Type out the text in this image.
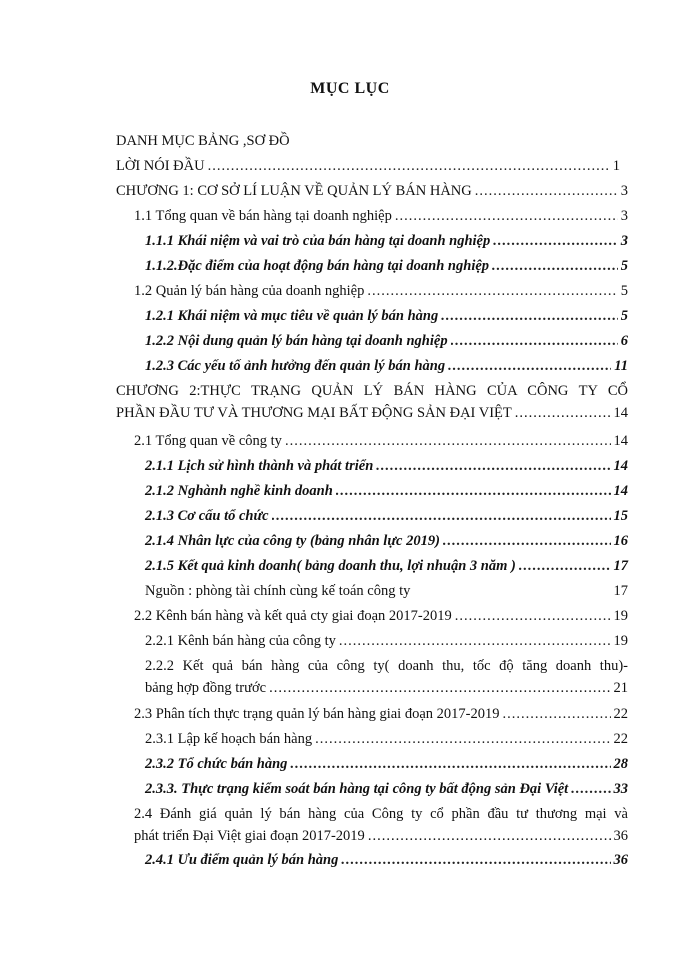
MỤC LỤC
DANH MỤC BẢNG ,SƠ ĐỒ
LỜI NÓI ĐẦU .....	1
CHƯƠNG 1: CƠ SỞ LÍ LUẬN VỀ QUẢN LÝ BÁN HÀNG .....	3
1.1 Tổng quan về bán hàng tại doanh nghiệp .....	3
1.1.1 Khái niệm và vai trò của bán hàng tại doanh nghiệp .....	3
1.1.2.Đặc điểm của hoạt động bán hàng tại doanh nghiệp .....	5
1.2 Quản lý bán hàng của doanh nghiệp .....	5
1.2.1 Khái niệm và mục tiêu về quản lý bán hàng .....	5
1.2.2 Nội dung quản lý bán hàng tại doanh nghiệp .....	6
1.2.3 Các yếu tố ảnh hưởng đến quản lý bán hàng .....	11
CHƯƠNG 2:THỰC TRẠNG QUẢN LÝ BÁN HÀNG CỦA CÔNG TY CỔ
PHẦN ĐẦU TƯ VÀ THƯƠNG MẠI BẤT ĐỘNG SẢN ĐẠI VIỆT .....	14
2.1 Tổng quan về công ty .....	14
2.1.1 Lịch sử hình thành và phát triển .....	14
2.1.2 Nghành nghề kinh doanh .....	14
2.1.3 Cơ cấu tổ chức .....	15
2.1.4 Nhân lực của công ty (bảng nhân lực 2019) .....	16
2.1.5 Kết quả kinh doanh( bảng doanh thu, lợi nhuận 3 năm ) .....	17
Nguồn : phòng tài chính cùng kế toán công ty	17
2.2 Kênh bán hàng và kết quả cty giai đoạn 2017-2019 .....	19
2.2.1 Kênh bán hàng của công ty .....	19
2.2.2 Kết quả bán hàng của công ty( doanh thu, tốc độ tăng doanh thu)-
bảng hợp đồng trước .....	21
2.3 Phân tích thực trạng quản lý bán hàng giai đoạn 2017-2019 .....	22
2.3.1 Lập kế hoạch bán hàng .....	22
2.3.2 Tổ chức bán hàng .....	28
2.3.3. Thực trạng kiểm soát bán hàng tại công ty bất động sản Đại Việt .....	33
2.4 Đánh giá quản lý bán hàng của Công ty cổ phần đầu tư thương mại và
phát triển Đại Việt giai đoạn 2017-2019 .....	36
2.4.1 Ưu điểm quản lý bán hàng .....	36
